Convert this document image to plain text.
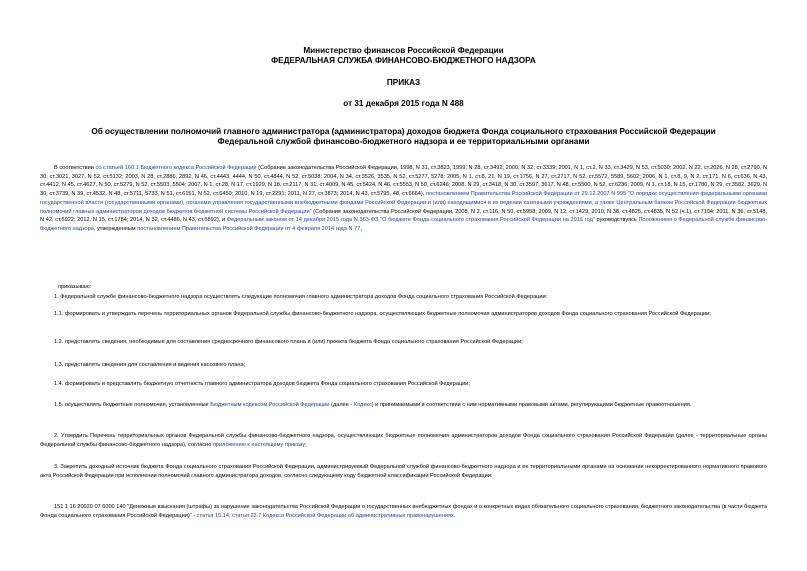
Министерство финансов Российской Федерации
ФЕДЕРАЛЬНАЯ СЛУЖБА ФИНАНСОВО-БЮДЖЕТНОГО НАДЗОРА
ПРИКАЗ
от 31 декабря 2015 года N 488
Об осуществлении полномочий главного администратора (администратора) доходов бюджета Фонда социального страхования Российской Федерации
Федеральной службой финансово-бюджетного надзора и ее территориальными органами
В соответствии со статьей 160.1 Бюджетного кодекса Российской Федерации (Собрание законодательства Российской Федерации, 1998, N 31, ст.3823; 1999, N 28, ст.3492; 2000, N 32, ст.3339; 2001, N 1, ст.2, N 33, ст.3429, N 53, ст.5030; 2002, N 22, ст.2026, N 28, ст.2790, N 30, ст.3021, 3027, N 52, ст.5132; 2003, N 28, ст.2886, 2892, N 46, ст.4443, 4444, N 50, ст.4844, N 52, ст.5038; 2004, N 34, ст.3526, 3535, N 52, ст.5277, 5278; 2005, N 1, ст.8, 21, N 19, ст.1756, N 27, ст.2717, N 52, ст.5572, 5589, 5602; 2006, N 1, ст.8, 9, N 2, ст.171, N 6, ст.636, N 43, ст.4412, N 45, ст.4627, N 50, ст.5279, N 52, ст.5503, 5504; 2007, N 1, ст.28, N 17, ст.1929, N 18, ст.2117, N 31, ст.4009, N 45, ст.5424, N 46, ст.5553, N 50, ст.6246; 2008, N 29, ст.3418, N 30, ст.3597, 3617, N 48, ст.5500, N 52, ст.6236; 2009, N 1, ст.18, N 15, ст.1780, N 29, ст.3582, 3629, N 30, ст.3739, N 39, ст.4532, N 48, ст.5711, 5733, N 51, ст.6151, N 52, ст.6450; 2010, N 19, ст.2291; 2011, N 27, ст.3873; 2014, N 43, ст.5795, 48, ст.6664), постановлением Правительства Российской Федерации от 29.12.2007 N 995 "О порядке осуществления федеральными органами государственной власти (государственными органами), органами управления государственными внебюджетными фондами Российской Федерации и (или) находящимися в их ведении казенными учреждениями, а также Центральным банком Российской Федерации бюджетных полномочий главных администраторов доходов бюджетов бюджетной системы Российской Федерации" (Собрание законодательства Российской Федерации, 2008, N 2, ст.116, N 50, ст.5958; 2009, N 12, ст.1429; 2010, N 38, ст.4825, ст.4835, N 52 (ч.1), ст.7104; 2011, N 36, ст.5148, N 42, ст.5922; 2012, N 15, ст.1784; 2014, N 32, ст.4486, N 43, ст.5892), и Федеральным законом от 14 декабря 2015 года N 363-ФЗ "О бюджете Фонда социального страхования Российской Федерации на 2016 год" руководствуясь Положением о Федеральной службе финансово-бюджетного надзора, утвержденным постановлением Правительства Российской Федерации от 4 февраля 2014 года N 77,
приказываю:
1. Федеральной службе финансово-бюджетного надзора осуществлять следующие полномочия главного администратора доходов Фонда социального страхования Российской Федерации:
1.1. формировать и утверждать перечень территориальных органов Федеральной службы финансово-бюджетного надзора, осуществляющих бюджетные полномочия администраторов доходов Фонда социального страхования Российской Федерации;
1.2. представлять сведения, необходимые для составления среднесрочного финансового плана и (или) проекта бюджета Фонда социального страхования Российской Федерации;
1.3. представлять сведения для составления и ведения кассового плана;
1.4. формировать и представлять бюджетную отчетность главного администратора доходов бюджета Фонда социального страхования Российской Федерации;
1.5. осуществлять бюджетные полномочия, установленные Бюджетным кодексом Российской Федерации (далее - Кодекс) и принимаемыми в соответствии с ним нормативными правовыми актами, регулирующими бюджетные правоотношения.
2. Утвердить Перечень территориальных органов Федеральной службы финансово-бюджетного надзора, осуществляющих бюджетные полномочия администраторов доходов Фонда социального страхования Российской Федерации (далее - территориальные органы Федеральной службы финансово-бюджетного надзора), согласно приложению к настоящему приказу;
3. Закрепить доходный источник бюджета Фонда социального страхования Российской Федерации, администрируемый Федеральной службой финансово-бюджетного надзора и ее территориальными органами на основании некорректированного нормативного правового акта Российской Федерации при исполнении полномочий главного администратора доходов, согласно следующему коду бюджетной классификации Российской Федерации:
151 1 16 20020 07 6000 140 "Денежные взыскания (штрафы) за нарушение законодательства Российской Федерации о государственных внебюджетных фондах и о конкретных видах обязательного социального страхования, бюджетного законодательства (в части бюджета Фонда социального страхования Российской Федерации)" - статья 15.14, статья 23.7 Кодекса Российской Федерации об административных правонарушениях.
